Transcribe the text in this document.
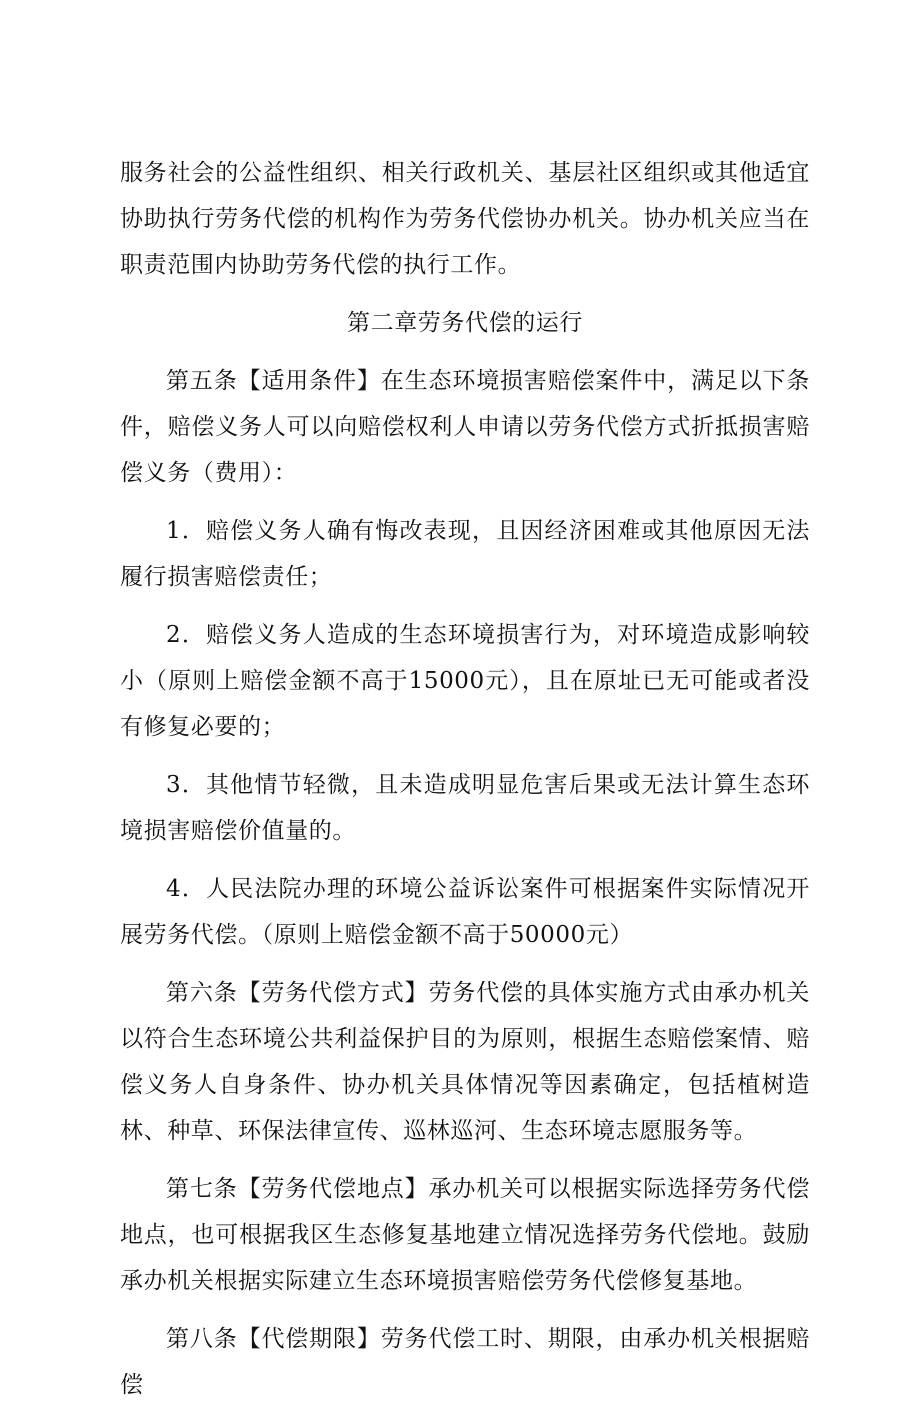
服务社会的公益性组织、相关行政机关、基层社区组织或其他适宜协助执行劳务代偿的机构作为劳务代偿协办机关。协办机关应当在职责范围内协助劳务代偿的执行工作。

第二章劳务代偿的运行

第五条【适用条件】在生态环境损害赔偿案件中，满足以下条件，赔偿义务人可以向赔偿权利人申请以劳务代偿方式折抵损害赔偿义务（费用）：

1．赔偿义务人确有悔改表现，且因经济困难或其他原因无法履行损害赔偿责任；

2．赔偿义务人造成的生态环境损害行为，对环境造成影响较小（原则上赔偿金额不高于15000元），且在原址已无可能或者没有修复必要的；

3．其他情节轻微，且未造成明显危害后果或无法计算生态环境损害赔偿价值量的。

4．人民法院办理的环境公益诉讼案件可根据案件实际情况开展劳务代偿。（原则上赔偿金额不高于50000元）

第六条【劳务代偿方式】劳务代偿的具体实施方式由承办机关以符合生态环境公共利益保护目的为原则，根据生态赔偿案情、赔偿义务人自身条件、协办机关具体情况等因素确定，包括植树造林、种草、环保法律宣传、巡林巡河、生态环境志愿服务等。

第七条【劳务代偿地点】承办机关可以根据实际选择劳务代偿地点，也可根据我区生态修复基地建立情况选择劳务代偿地。鼓励承办机关根据实际建立生态环境损害赔偿劳务代偿修复基地。

第八条【代偿期限】劳务代偿工时、期限，由承办机关根据赔偿
